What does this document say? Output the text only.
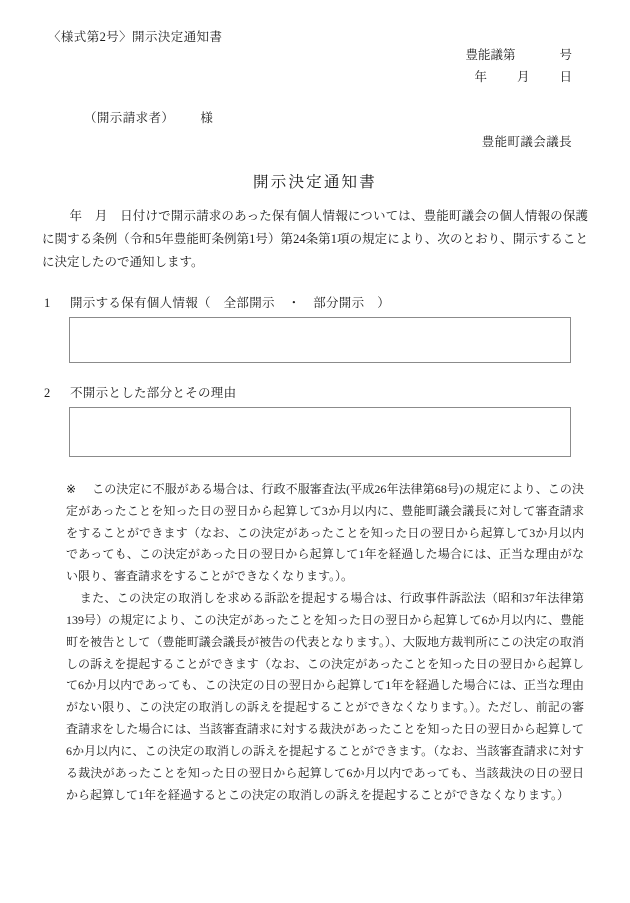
〈様式第2号〉開示決定通知書
豊能議第	号
年 月 日
（開示請求者） 様
豊能町議会議長
開示決定通知書
年　月　日付けで開示請求のあった保有個人情報については、豊能町議会の個人情報の保護に関する条例（令和5年豊能町条例第1号）第24条第1項の規定により、次のとおり、開示することに決定したので通知します。
1 開示する保有個人情報（　全部開示　・　部分開示　）
2 不開示とした部分とその理由

※ この決定に不服がある場合は、行政不服審査法(平成26年法律第68号)の規定により、この決定があったことを知った日の翌日から起算して3か月以内に、豊能町議会議長に対して審査請求をすることができます（なお、この決定があったことを知った日の翌日から起算して3か月以内であっても、この決定があった日の翌日から起算して1年を経過した場合には、正当な理由がない限り、審査請求をすることができなくなります。）。

また、この決定の取消しを求める訴訟を提起する場合は、行政事件訴訟法（昭和37年法律第139号）の規定により、この決定があったことを知った日の翌日から起算して6か月以内に、豊能町を被告として（豊能町議会議長が被告の代表となります。）、大阪地方裁判所にこの決定の取消しの訴えを提起することができます（なお、この決定があったことを知った日の翌日から起算して6か月以内であっても、この決定の日の翌日から起算して1年を経過した場合には、正当な理由がない限り、この決定の取消しの訴えを提起することができなくなります。）。ただし、前記の審査請求をした場合には、当該審査請求に対する裁決があったことを知った日の翌日から起算して6か月以内に、この決定の取消しの訴えを提起することができます。（なお、当該審査請求に対する裁決があったことを知った日の翌日から起算して6か月以内であっても、当該裁決の日の翌日から起算して1年を経過するとこの決定の取消しの訴えを提起することができなくなります。）
